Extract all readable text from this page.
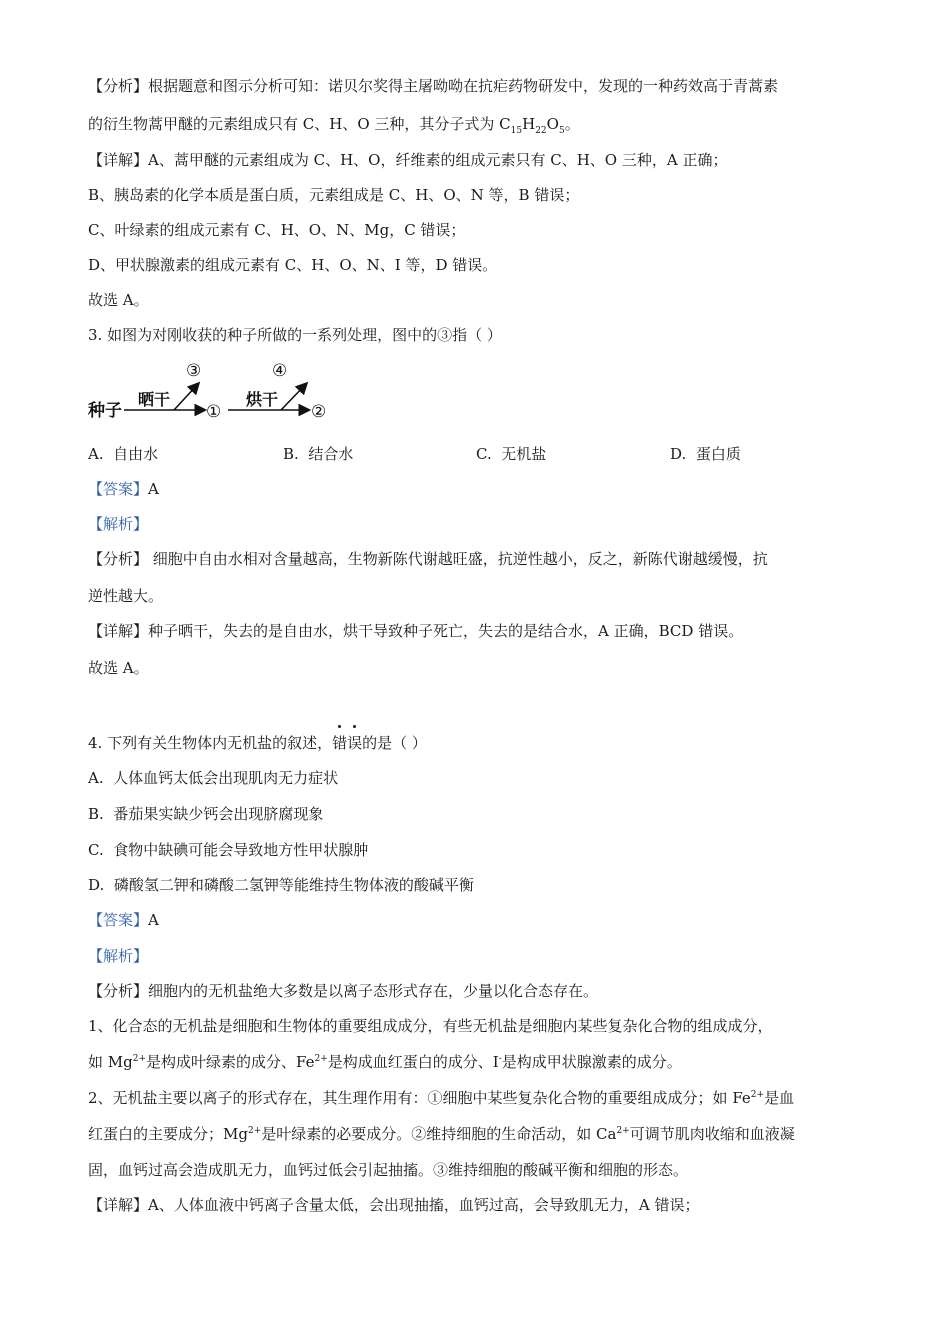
【分析】根据题意和图示分析可知：诺贝尔奖得主屠呦呦在抗疟药物研发中，发现的一种药效高于青蒿素
的衍生物蒿甲醚的元素组成只有 C、H、O 三种，其分子式为 $C_{15}H_{22}O_5$。
【详解】A、蒿甲醚的元素组成为 C、H、O，纤维素的组成元素只有 C、H、O 三种，A 正确；
B、胰岛素的化学本质是蛋白质，元素组成是 C、H、O、N 等，B 错误；
C、叶绿素的组成元素有 C、H、O、N、Mg，C 错误；
D、甲状腺激素的组成元素有 C、H、O、N、I 等，D 错误。
故选 A。
3. 如图为对刚收获的种子所做的一系列处理，图中的③指（ ）
种子
晒干
③
①
烘干
④
②
A. 自由水	B. 结合水	C. 无机盐	D. 蛋白质
【答案】A
【解析】
【分析】 细胞中自由水相对含量越高，生物新陈代谢越旺盛，抗逆性越小，反之，新陈代谢越缓慢，抗
逆性越大。
【详解】种子晒干，失去的是自由水，烘干导致种子死亡，失去的是结合水，A 正确，BCD 错误。
故选 A。
4. 下列有关生物体内无机盐的叙述，
错
误的是（ ）
A. 人体血钙太低会出现肌肉无力症状
B. 番茄果实缺少钙会出现脐腐现象
C. 食物中缺碘可能会导致地方性甲状腺肿
D. 磷酸氢二钾和磷酸二氢钾等能维持生物体液的酸碱平衡
【答案】A
【解析】
【分析】细胞内的无机盐绝大多数是以离子态形式存在，少量以化合态存在。
1、化合态的无机盐是细胞和生物体的重要组成成分，有些无机盐是细胞内某些复杂化合物的组成成分，
如 $Mg^{2+}$是构成叶绿素的成分、$Fe^{2+}$是构成血红蛋白的成分、I-是构成甲状腺激素的成分。
2、无机盐主要以离子的形式存在，其生理作用有：①细胞中某些复杂化合物的重要组成成分；如 $Fe^{2+}$是血
红蛋白的主要成分；$Mg^{2+}$是叶绿素的必要成分。②维持细胞的生命活动，如 $Ca^{2+}$可调节肌肉收缩和血液凝
固，血钙过高会造成肌无力，血钙过低会引起抽搐。③维持细胞的酸碱平衡和细胞的形态。
【详解】A、人体血液中钙离子含量太低，会出现抽搐，血钙过高，会导致肌无力，A 错误；
